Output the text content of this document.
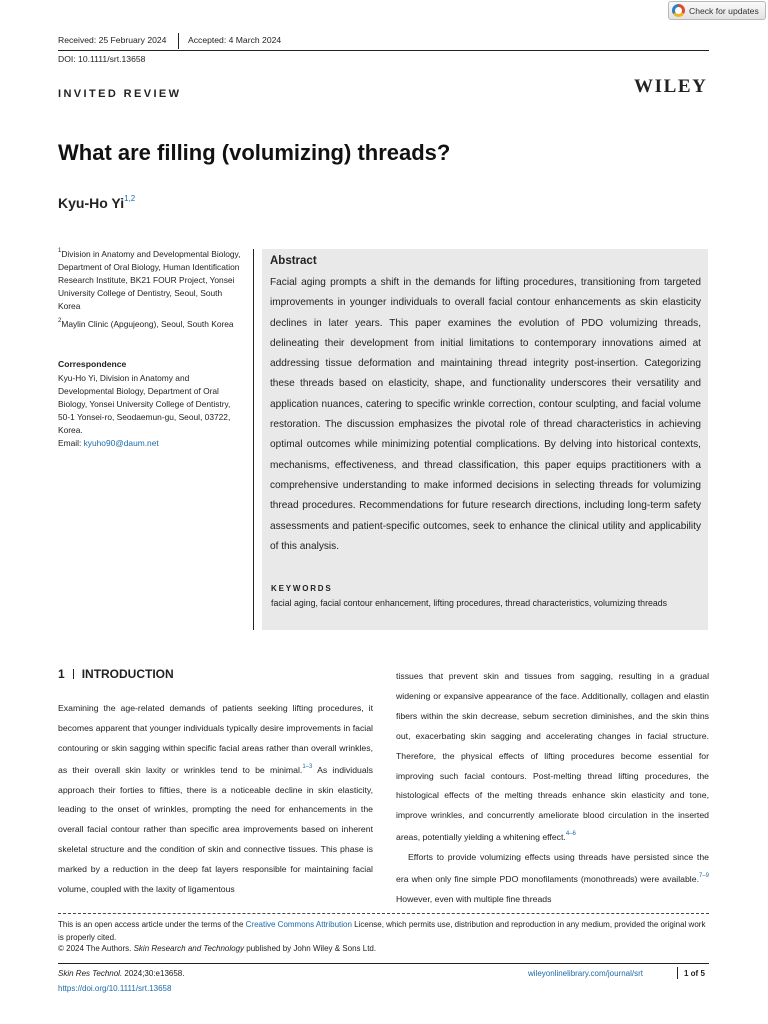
Check for updates
Received: 25 February 2024	Accepted: 4 March 2024
DOI: 10.1111/srt.13658
INVITED REVIEW	WILEY
What are filling (volumizing) threads?
Kyu-Ho Yi$^{1,2}$
$^1$Division in Anatomy and Developmental Biology, Department of Oral Biology, Human Identification Research Institute, BK21 FOUR Project, Yonsei University College of Dentistry, Seoul, South Korea
$^2$Maylin Clinic (Apgujeong), Seoul, South Korea
Correspondence
Kyu-Ho Yi, Division in Anatomy and Developmental Biology, Department of Oral Biology, Yonsei University College of Dentistry, 50-1 Yonsei-ro, Seodaemun-gu, Seoul, 03722, Korea.
Email: kyuho90@daum.net
Abstract
Facial aging prompts a shift in the demands for lifting procedures, transitioning from targeted improvements in younger individuals to overall facial contour enhancements as skin elasticity declines in later years. This paper examines the evolution of PDO volumizing threads, delineating their development from initial limitations to contemporary innovations aimed at addressing tissue deformation and maintaining thread integrity post-insertion. Categorizing these threads based on elasticity, shape, and functionality underscores their versatility and application nuances, catering to specific wrinkle correction, contour sculpting, and facial volume restoration. The discussion emphasizes the pivotal role of thread characteristics in achieving optimal outcomes while minimizing potential complications. By delving into historical contexts, mechanisms, effectiveness, and thread classification, this paper equips practitioners with a comprehensive understanding to make informed decisions in selecting threads for volumizing thread procedures. Recommendations for future research directions, including long-term safety assessments and patient-specific outcomes, seek to enhance the clinical utility and applicability of this analysis.
KEYWORDS
facial aging, facial contour enhancement, lifting procedures, thread characteristics, volumizing threads
1 INTRODUCTION
Examining the age-related demands of patients seeking lifting procedures, it becomes apparent that younger individuals typically desire improvements in facial contouring or skin sagging within specific facial areas rather than overall wrinkles, as their overall skin laxity or wrinkles tend to be minimal.$^{1-3}$ As individuals approach their forties to fifties, there is a noticeable decline in skin elasticity, leading to the onset of wrinkles, prompting the need for enhancements in the overall facial contour rather than specific area improvements based on inherent skeletal structure and the condition of skin and connective tissues. This phase is marked by a reduction in the deep fat layers responsible for maintaining facial volume, coupled with the laxity of ligamentous
tissues that prevent skin and tissues from sagging, resulting in a gradual widening or expansive appearance of the face. Additionally, collagen and elastin fibers within the skin decrease, sebum secretion diminishes, and the skin thins out, exacerbating skin sagging and accelerating changes in facial structure. Therefore, the physical effects of lifting procedures become essential for improving such facial contours. Post-melting thread lifting procedures, the histological effects of the melting threads enhance skin elasticity and tone, improve wrinkles, and concurrently ameliorate blood circulation in the inserted areas, potentially yielding a whitening effect.$^{4-6}$
Efforts to provide volumizing effects using threads have persisted since the era when only fine simple PDO monofilaments (monothreads) were available.$^{7-9}$ However, even with multiple fine threads
This is an open access article under the terms of the Creative Commons Attribution License, which permits use, distribution and reproduction in any medium, provided the original work is properly cited.
© 2024 The Authors. Skin Research and Technology published by John Wiley & Sons Ltd.
Skin Res Technol. 2024;30:e13658.
https://doi.org/10.1111/srt.13658
wileyonlinelibrary.com/journal/srt	1 of 5
